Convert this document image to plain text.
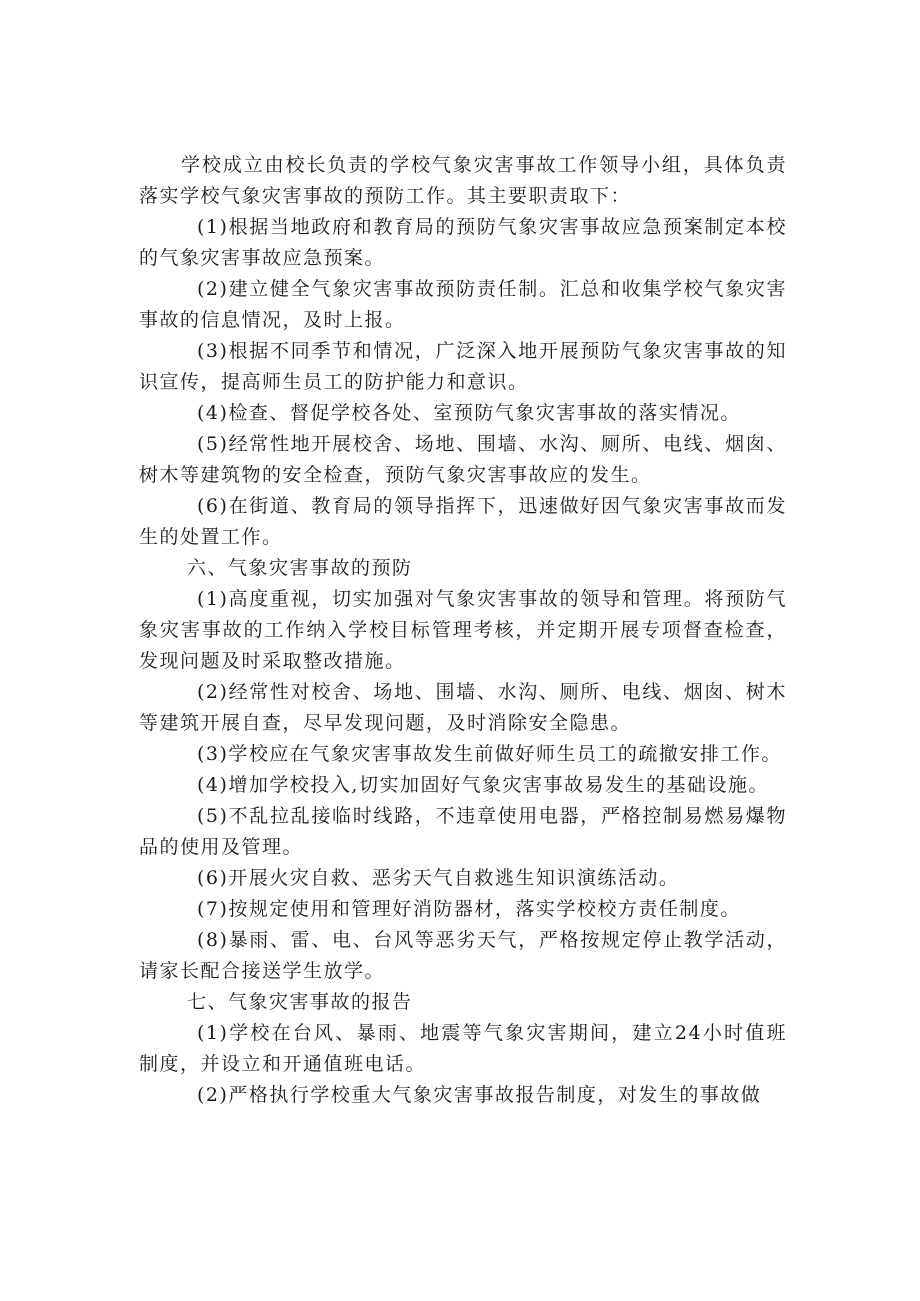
学校成立由校长负责的学校气象灾害事故工作领导小组，具体负责落实学校气象灾害事故的预防工作。其主要职责取下：

(1)根据当地政府和教育局的预防气象灾害事故应急预案制定本校的气象灾害事故应急预案。

(2)建立健全气象灾害事故预防责任制。汇总和收集学校气象灾害事故的信息情况，及时上报。

(3)根据不同季节和情况，广泛深入地开展预防气象灾害事故的知识宣传，提高师生员工的防护能力和意识。

(4)检查、督促学校各处、室预防气象灾害事故的落实情况。

(5)经常性地开展校舍、场地、围墙、水沟、厕所、电线、烟囱、树木等建筑物的安全检查，预防气象灾害事故应的发生。

(6)在街道、教育局的领导指挥下，迅速做好因气象灾害事故而发生的处置工作。

六、气象灾害事故的预防

(1)高度重视，切实加强对气象灾害事故的领导和管理。将预防气象灾害事故的工作纳入学校目标管理考核，并定期开展专项督查检查，发现问题及时采取整改措施。

(2)经常性对校舍、场地、围墙、水沟、厕所、电线、烟囱、树木等建筑开展自查，尽早发现问题，及时消除安全隐患。

(3)学校应在气象灾害事故发生前做好师生员工的疏撤安排工作。

(4)增加学校投入,切实加固好气象灾害事故易发生的基础设施。

(5)不乱拉乱接临时线路，不违章使用电器，严格控制易燃易爆物品的使用及管理。

(6)开展火灾自救、恶劣天气自救逃生知识演练活动。

(7)按规定使用和管理好消防器材，落实学校校方责任制度。

(8)暴雨、雷、电、台风等恶劣天气，严格按规定停止教学活动，请家长配合接送学生放学。

七、气象灾害事故的报告

(1)学校在台风、暴雨、地震等气象灾害期间，建立24小时值班制度，并设立和开通值班电话。

(2)严格执行学校重大气象灾害事故报告制度，对发生的事故做
